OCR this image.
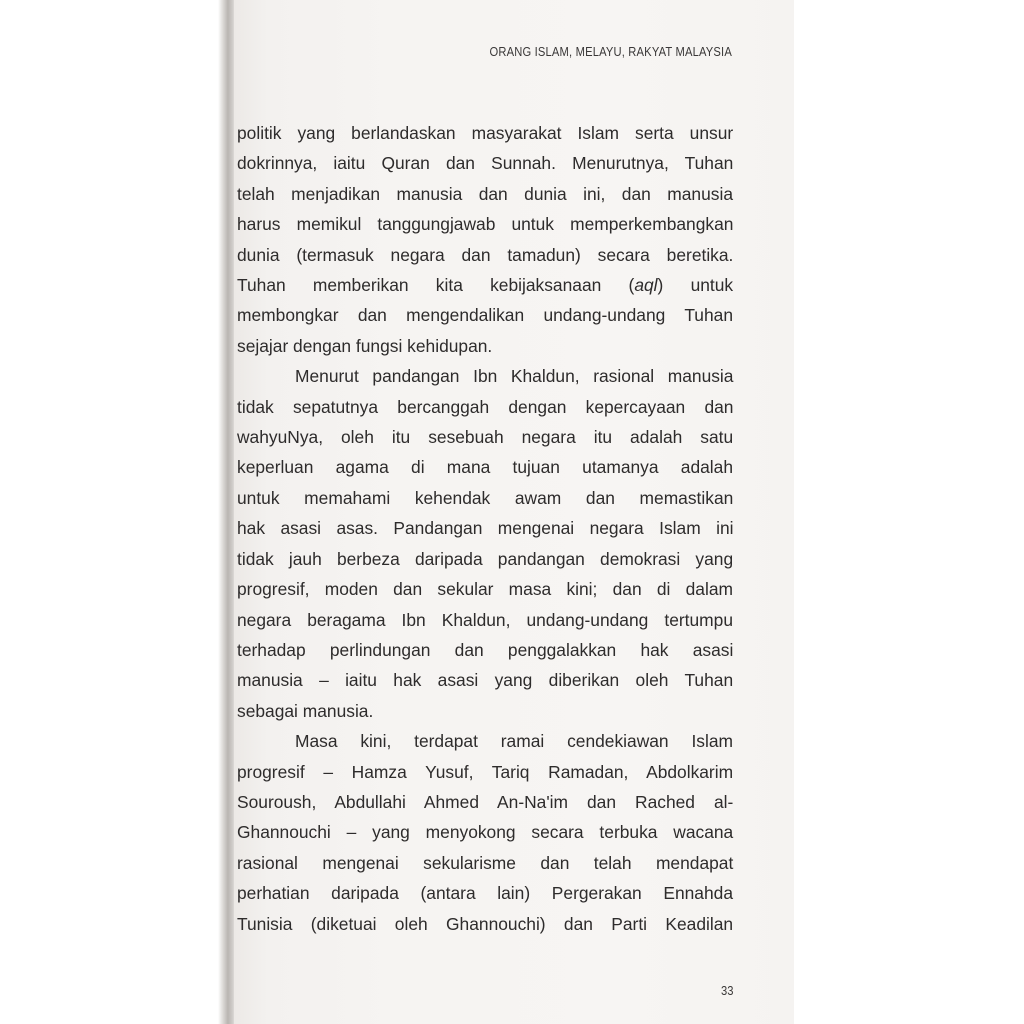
ORANG ISLAM, MELAYU, RAKYAT MALAYSIA

politik yang berlandaskan masyarakat Islam serta unsur
dokrinnya, iaitu Quran dan Sunnah. Menurutnya, Tuhan
telah menjadikan manusia dan dunia ini, dan manusia
harus memikul tanggungjawab untuk memperkembangkan
dunia (termasuk negara dan tamadun) secara beretika.
Tuhan memberikan kita kebijaksanaan (aql) untuk
membongkar dan mengendalikan undang-undang Tuhan
sejajar dengan fungsi kehidupan.

Menurut pandangan Ibn Khaldun, rasional manusia
tidak sepatutnya bercanggah dengan kepercayaan dan
wahyuNya, oleh itu sesebuah negara itu adalah satu
keperluan agama di mana tujuan utamanya adalah
untuk memahami kehendak awam dan memastikan
hak asasi asas. Pandangan mengenai negara Islam ini
tidak jauh berbeza daripada pandangan demokrasi yang
progresif, moden dan sekular masa kini; dan di dalam
negara beragama Ibn Khaldun, undang-undang tertumpu
terhadap perlindungan dan penggalakkan hak asasi
manusia – iaitu hak asasi yang diberikan oleh Tuhan
sebagai manusia.

Masa kini, terdapat ramai cendekiawan Islam
progresif – Hamza Yusuf, Tariq Ramadan, Abdolkarim
Souroush, Abdullahi Ahmed An-Na'im dan Rached al-
Ghannouchi – yang menyokong secara terbuka wacana
rasional mengenai sekularisme dan telah mendapat
perhatian daripada (antara lain) Pergerakan Ennahda
Tunisia (diketuai oleh Ghannouchi) dan Parti Keadilan

33
